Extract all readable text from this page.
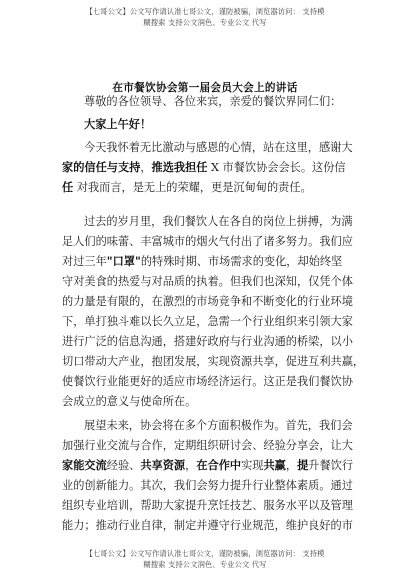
【七哥公文】公文写作请认准七哥公文，谨防被骗，浏览器访问： 支持模
糊搜索 支持公文润色、专业公文 代写
在市餐饮协会第一届会员大会上的讲话
尊敬的各位领导、各位来宾，亲爱的餐饮界同仁们：
大家上午好！
今天我怀着无比激动与感恩的心情，站在这里，感谢大
家的信任与支持，推选我担任 X 市餐饮协会会长。这份信
任 对我而言，是无上的荣耀，更是沉甸甸的责任。
过去的岁月里，我们餐饮人在各自的岗位上拼搏，为满
足人们的味蕾、丰富城市的烟火气付出了诸多努力。我们应
对过三年"口罩"的特殊时期、市场需求的变化，却始终坚
守对美食的热爱与对品质的执着。但我们也深知，仅凭个体
的力量是有限的，在激烈的市场竞争和不断变化的行业环境
下，单打独斗难以长久立足，急需一个行业组织来引领大家
进行广泛的信息沟通，搭建好政府与行业沟通的桥梁，以小
切口带动大产业，抱团发展，实现资源共享，促进互利共赢，
使餐饮行业能更好的适应市场经济运行。这正是我们餐饮协
会成立的意义与使命所在。
展望未来，协会将在多个方面积极作为。首先，我们会
加强行业交流与合作，定期组织研讨会、经验分享会，让大
家能交流经验、共享资源，在合作中实现共赢，提升餐饮行
业的创新能力。其次，我们会努力提升行业整体素质。通过
组织专业培训，帮助大家提升烹饪技艺、服务水平以及管理
能力；推动行业自律，制定并遵守行业规范，维护良好的市
【七哥公文】公文写作请认准七哥公文，谨防被骗，浏览器访问： 支持模
糊搜索 支持公文润色、专业公文 代写
